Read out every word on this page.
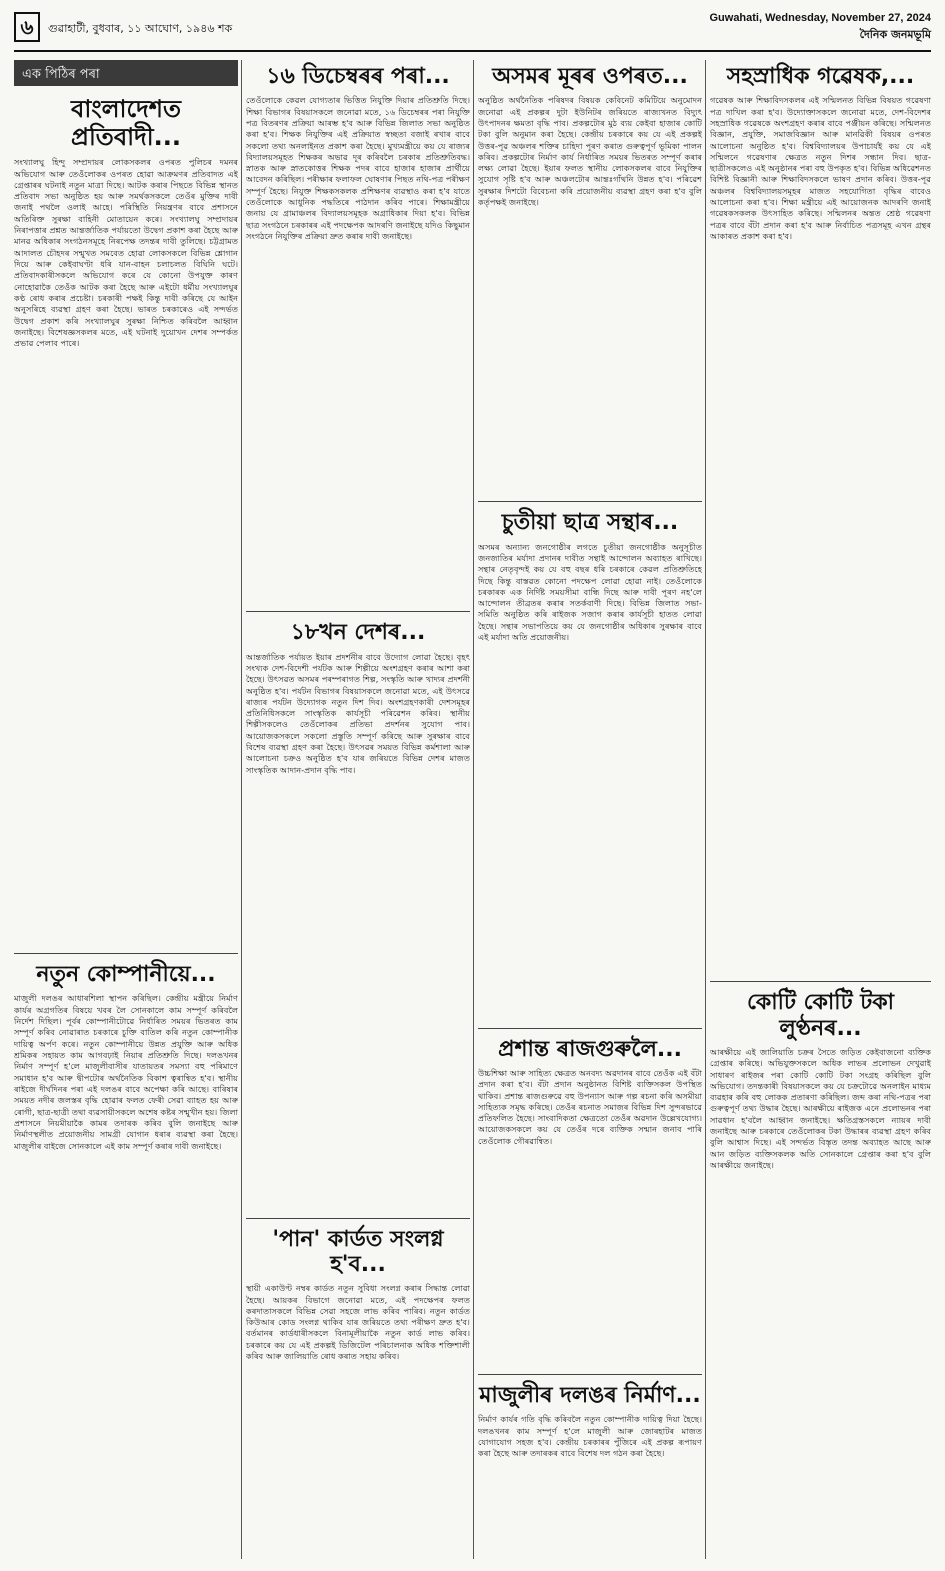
৬	গুৱাহাটী, বুধবাৰ, ১১ আঘোণ, ১৯৪৬ শক
Guwahati, Wednesday, November 27, 2024
দৈনিক জনমভূমি
এক পিঠিৰ পৰা
বাংলাদেশত প্ৰতিবাদী...
সংখ্যালঘু হিন্দু সম্প্ৰদায়ৰ লোকসকলৰ ওপৰত পুলিচৰ দমনৰ অভিযোগ আৰু তেওঁলোকৰ ওপৰত হোৱা আক্ৰমণৰ প্ৰতিবাদত এই গ্ৰেপ্তাৰৰ ঘটনাই নতুন মাত্ৰা দিছে। আটক কৰাৰ পিছতে বিভিন্ন স্থানত প্ৰতিবাদ সভা অনুষ্ঠিত হয় আৰু সমৰ্থকসকলে তেওঁৰ মুক্তিৰ দাবী জনাই পথলৈ ওলাই আহে। পৰিস্থিতি নিয়ন্ত্ৰণৰ বাবে প্ৰশাসনে অতিৰিক্ত সুৰক্ষা বাহিনী মোতায়েন কৰে। সংখ্যালঘু সম্প্ৰদায়ৰ নিৰাপত্তাৰ প্ৰশ্নত আন্তৰ্জাতিক পৰ্যায়তো উদ্বেগ প্ৰকাশ কৰা হৈছে আৰু মানৱ অধিকাৰ সংগঠনসমূহে নিৰপেক্ষ তদন্তৰ দাবী তুলিছে। চট্টগ্ৰামত আদালত চৌহদৰ সন্মুখত সমবেত হোৱা লোকসকলে বিভিন্ন শ্লোগান দিয়ে আৰু কেইবাঘণ্টা ধৰি যান-বাহন চলাচলত বিঘিনি ঘটে। প্ৰতিবাদকাৰীসকলে অভিযোগ কৰে যে কোনো উপযুক্ত কাৰণ নোহোৱাকৈ তেওঁক আটক কৰা হৈছে আৰু এইটো ধৰ্মীয় সংখ্যালঘুৰ কণ্ঠ ৰোধ কৰাৰ প্ৰচেষ্টা। চৰকাৰী পক্ষই কিন্তু দাবী কৰিছে যে আইন অনুসৰিহে ব্যৱস্থা গ্ৰহণ কৰা হৈছে। ভাৰত চৰকাৰেও এই সন্দৰ্ভত উদ্বেগ প্ৰকাশ কৰি সংখ্যালঘুৰ সুৰক্ষা নিশ্চিত কৰিবলৈ আহ্বান জনাইছে। বিশেষজ্ঞসকলৰ মতে, এই ঘটনাই দুয়োখন দেশৰ সম্পৰ্কত প্ৰভাৱ পেলাব পাৰে।
নতুন কোম্পানীয়ে...
মাজুলী দলঙৰ আধাৰশিলা স্থাপন কৰিছিল। কেন্দ্ৰীয় মন্ত্ৰীয়ে নিৰ্মাণ কাৰ্যৰ অগ্ৰগতিৰ বিষয়ে খবৰ লৈ সোনকালে কাম সম্পূৰ্ণ কৰিবলৈ নিৰ্দেশ দিছিল। পূৰ্বৰ কোম্পানীটোৱে নিৰ্ধাৰিত সময়ৰ ভিতৰত কাম সম্পূৰ্ণ কৰিব নোৱাৰাত চৰকাৰে চুক্তি বাতিল কৰি নতুন কোম্পানীক দায়িত্ব অৰ্পণ কৰে। নতুন কোম্পানীয়ে উন্নত প্ৰযুক্তি আৰু অধিক শ্ৰমিকৰ সহায়ত কাম আগবঢ়াই নিয়াৰ প্ৰতিশ্ৰুতি দিছে। দলঙখনৰ নিৰ্মাণ সম্পূৰ্ণ হ'লে মাজুলীবাসীৰ যাতায়তৰ সমস্যা বহু পৰিমাণে সমাধান হ'ব আৰু দ্বীপটোৰ অৰ্থনৈতিক বিকাশ ত্বৰান্বিত হ'ব। স্থানীয় ৰাইজে দীৰ্ঘদিনৰ পৰা এই দলঙৰ বাবে অপেক্ষা কৰি আছে। বাৰিষাৰ সময়ত নদীৰ জলস্তৰ বৃদ্ধি হোৱাৰ ফলত ফেৰী সেৱা ব্যাহত হয় আৰু ৰোগী, ছাত্ৰ-ছাত্ৰী তথা ব্যৱসায়ীসকলে অশেষ কষ্টৰ সন্মুখীন হয়। জিলা প্ৰশাসনে নিয়মীয়াকৈ কামৰ তদাৰক কৰিব বুলি জনাইছে আৰু নিৰ্মাণস্থলীত প্ৰয়োজনীয় সামগ্ৰী যোগান ধৰাৰ ব্যৱস্থা কৰা হৈছে। মাজুলীৰ বাইজে সোনকালে এই কাম সম্পূৰ্ণ কৰাৰ দাবী জনাইছে।
১৬ ডিচেম্বৰৰ পৰা...
তেওঁলোকে কেৱল যোগ্যতাৰ ভিত্তিত নিযুক্তি দিয়াৰ প্ৰতিশ্ৰুতি দিছে। শিক্ষা বিভাগৰ বিষয়াসকলে জনোৱা মতে, ১৬ ডিচেম্বৰৰ পৰা নিযুক্তি পত্ৰ বিতৰণৰ প্ৰক্ৰিয়া আৰম্ভ হ'ব আৰু বিভিন্ন জিলাত সভা অনুষ্ঠিত কৰা হ'ব। শিক্ষক নিযুক্তিৰ এই প্ৰক্ৰিয়াত স্বচ্ছতা বজাই ৰখাৰ বাবে সকলো তথ্য অনলাইনত প্ৰকাশ কৰা হৈছে। মুখ্যমন্ত্ৰীয়ে কয় যে ৰাজ্যৰ বিদ্যালয়সমূহত শিক্ষকৰ অভাৱ দূৰ কৰিবলৈ চৰকাৰ প্ৰতিশ্ৰুতিবদ্ধ। স্নাতক আৰু স্নাতকোত্তৰ শিক্ষক পদৰ বাবে হাজাৰ হাজাৰ প্ৰাৰ্থীয়ে আবেদন কৰিছিল। পৰীক্ষাৰ ফলাফল ঘোষণাৰ পিছত নথি-পত্ৰ পৰীক্ষণ সম্পূৰ্ণ হৈছে। নিযুক্ত শিক্ষকসকলক প্ৰশিক্ষণৰ ব্যৱস্থাও কৰা হ'ব যাতে তেওঁলোকে আধুনিক পদ্ধতিৰে পাঠদান কৰিব পাৰে। শিক্ষামন্ত্ৰীয়ে জনায় যে গ্ৰামাঞ্চলৰ বিদ্যালয়সমূহক অগ্ৰাধিকাৰ দিয়া হ'ব। বিভিন্ন ছাত্ৰ সংগঠনে চৰকাৰৰ এই পদক্ষেপক আদৰণি জনাইছে যদিও কিছুমান সংগঠনে নিযুক্তিৰ প্ৰক্ৰিয়া দ্ৰুত কৰাৰ দাবী জনাইছে।
১৮খন দেশৰ...
আন্তৰ্জাতিক পৰ্যায়ত ইয়াৰ প্ৰদৰ্শনীৰ বাবে উদ্যোগ লোৱা হৈছে। বৃহৎ সংখ্যক দেশ-বিদেশী পৰ্যটক আৰু শিল্পীয়ে অংশগ্ৰহণ কৰাৰ আশা কৰা হৈছে। উৎসৱত অসমৰ পৰম্পৰাগত শিল্প, সংস্কৃতি আৰু খাদ্যৰ প্ৰদৰ্শনী অনুষ্ঠিত হ'ব। পৰ্যটন বিভাগৰ বিষয়াসকলে জনোৱা মতে, এই উৎসৱে ৰাজ্যৰ পৰ্যটন উদ্যোগক নতুন দিশ দিব। অংশগ্ৰহণকাৰী দেশসমূহৰ প্ৰতিনিধিসকলে সাংস্কৃতিক কাৰ্যসূচী পৰিৱেশন কৰিব। স্থানীয় শিল্পীসকলেও তেওঁলোকৰ প্ৰতিভা প্ৰদৰ্শনৰ সুযোগ পাব। আয়োজকসকলে সকলো প্ৰস্তুতি সম্পূৰ্ণ কৰিছে আৰু সুৰক্ষাৰ বাবে বিশেষ ব্যৱস্থা গ্ৰহণ কৰা হৈছে। উৎসৱৰ সময়ত বিভিন্ন কৰ্মশালা আৰু আলোচনা চক্ৰও অনুষ্ঠিত হ'ব যাৰ জৰিয়তে বিভিন্ন দেশৰ মাজত সাংস্কৃতিক আদান-প্ৰদান বৃদ্ধি পাব।
'পান' কাৰ্ডত সংলগ্ন হ'ব...
স্থায়ী একাউণ্ট নম্বৰ কাৰ্ডত নতুন সুবিধা সংলগ্ন কৰাৰ সিদ্ধান্ত লোৱা হৈছে। আয়কৰ বিভাগে জনোৱা মতে, এই পদক্ষেপৰ ফলত কৰদাতাসকলে বিভিন্ন সেৱা সহজে লাভ কৰিব পাৰিব। নতুন কাৰ্ডত কিউআৰ কোড সংলগ্ন থাকিব যাৰ জৰিয়তে তথ্য পৰীক্ষণ দ্ৰুত হ'ব। বৰ্তমানৰ কাৰ্ডধাৰীসকলে বিনামূলীয়াকৈ নতুন কাৰ্ড লাভ কৰিব। চৰকাৰে কয় যে এই প্ৰকল্পই ডিজিটেল পৰিচালনাক অধিক শক্তিশালী কৰিব আৰু জালিয়াতি ৰোধ কৰাত সহায় কৰিব।
অসমৰ মূৰৰ ওপৰত...
অনুষ্ঠিত অৰ্থনৈতিক পৰিষদৰ বিষয়ক কেবিনেট কমিটিয়ে অনুমোদন জনোৱা এই প্ৰকল্পৰ দুটা ইউনিটৰ জৰিয়তে ৰাজ্যখনত বিদ্যুৎ উৎপাদনৰ ক্ষমতা বৃদ্ধি পাব। প্ৰকল্পটোৰ মুঠ ব্যয় কেইবা হাজাৰ কোটি টকা বুলি অনুমান কৰা হৈছে। কেন্দ্ৰীয় চৰকাৰে কয় যে এই প্ৰকল্পই উত্তৰ-পূৱ অঞ্চলৰ শক্তিৰ চাহিদা পূৰণ কৰাত গুৰুত্বপূৰ্ণ ভূমিকা পালন কৰিব। প্ৰকল্পটোৰ নিৰ্মাণ কাৰ্য নিৰ্ধাৰিত সময়ৰ ভিতৰত সম্পূৰ্ণ কৰাৰ লক্ষ্য লোৱা হৈছে। ইয়াৰ ফলত স্থানীয় লোকসকলৰ বাবে নিযুক্তিৰ সুযোগ সৃষ্টি হ'ব আৰু অঞ্চলটোৰ আন্তঃগাঁথনি উন্নত হ'ব। পৰিৱেশ সুৰক্ষাৰ দিশটো বিবেচনা কৰি প্ৰয়োজনীয় ব্যৱস্থা গ্ৰহণ কৰা হ'ব বুলি কৰ্তৃপক্ষই জনাইছে।
চুতীয়া ছাত্ৰ সন্থাৰ...
অসমৰ অন্যান্য জনগোষ্ঠীৰ লগতে চুতীয়া জনগোষ্ঠীক অনুসূচীত জনজাতিৰ মৰ্যাদা প্ৰদানৰ দাবীত সন্থাই আন্দোলন অব্যাহত ৰাখিছে। সন্থাৰ নেতৃবৃন্দই কয় যে বহু বছৰ ধৰি চৰকাৰে কেৱল প্ৰতিশ্ৰুতিহে দিছে কিন্তু বাস্তৱত কোনো পদক্ষেপ লোৱা হোৱা নাই। তেওঁলোকে চৰকাৰক এক নিৰ্দিষ্ট সময়সীমা বান্ধি দিছে আৰু দাবী পূৰণ নহ'লে আন্দোলন তীব্ৰতৰ কৰাৰ সতৰ্কবাণী দিছে। বিভিন্ন জিলাত সভা-সমিতি অনুষ্ঠিত কৰি ৰাইজক সজাগ কৰাৰ কাৰ্যসূচী হাতত লোৱা হৈছে। সন্থাৰ সভাপতিয়ে কয় যে জনগোষ্ঠীৰ অধিকাৰ সুৰক্ষাৰ বাবে এই মৰ্যাদা অতি প্ৰয়োজনীয়।
প্ৰশান্ত ৰাজগুৰুলৈ...
উচ্চশিক্ষা আৰু সাহিত্য ক্ষেত্ৰত অনবদ্য অৱদানৰ বাবে তেওঁক এই বঁটা প্ৰদান কৰা হ'ব। বঁটা প্ৰদান অনুষ্ঠানত বিশিষ্ট ব্যক্তিসকল উপস্থিত থাকিব। প্ৰশান্ত ৰাজগুৰুৱে বহু উপন্যাস আৰু গল্প ৰচনা কৰি অসমীয়া সাহিত্যক সমৃদ্ধ কৰিছে। তেওঁৰ ৰচনাত সমাজৰ বিভিন্ন দিশ সুন্দৰভাৱে প্ৰতিফলিত হৈছে। সাংবাদিকতা ক্ষেত্ৰতো তেওঁৰ অৱদান উল্লেখযোগ্য। আয়োজকসকলে কয় যে তেওঁৰ দৰে ব্যক্তিক সন্মান জনাব পাৰি তেওঁলোক গৌৰৱান্বিত।
মাজুলীৰ দলঙৰ নিৰ্মাণ...
নিৰ্মাণ কাৰ্যৰ গতি বৃদ্ধি কৰিবলৈ নতুন কোম্পানীক দায়িত্ব দিয়া হৈছে। দলঙখনৰ কাম সম্পূৰ্ণ হ'লে মাজুলী আৰু জোৰহাটৰ মাজত যোগাযোগ সহজ হ'ব। কেন্দ্ৰীয় চৰকাৰৰ পুঁজিৰে এই প্ৰকল্প ৰূপায়ণ কৰা হৈছে আৰু তদাৰকৰ বাবে বিশেষ দল গঠন কৰা হৈছে।
সহস্ৰাধিক গৱেষক,...
গৱেষক আৰু শিক্ষাবিদসকলৰ এই সন্মিলনত বিভিন্ন বিষয়ত গৱেষণা পত্ৰ দাখিল কৰা হ'ব। উদ্যোক্তাসকলে জনোৱা মতে, দেশ-বিদেশৰ সহস্ৰাধিক গৱেষকে অংশগ্ৰহণ কৰাৰ বাবে পঞ্জীয়ন কৰিছে। সন্মিলনত বিজ্ঞান, প্ৰযুক্তি, সমাজবিজ্ঞান আৰু মানৱিকী বিষয়ৰ ওপৰত আলোচনা অনুষ্ঠিত হ'ব। বিশ্ববিদ্যালয়ৰ উপাচাৰ্যই কয় যে এই সন্মিলনে গৱেষণাৰ ক্ষেত্ৰত নতুন দিশৰ সন্ধান দিব। ছাত্ৰ-ছাত্ৰীসকলেও এই অনুষ্ঠানৰ পৰা বহু উপকৃত হ'ব। বিভিন্ন অধিৱেশনত বিশিষ্ট বিজ্ঞানী আৰু শিক্ষাবিদসকলে ভাষণ প্ৰদান কৰিব। উত্তৰ-পূৱ অঞ্চলৰ বিশ্ববিদ্যালয়সমূহৰ মাজত সহযোগিতা বৃদ্ধিৰ বাবেও আলোচনা কৰা হ'ব। শিক্ষা মন্ত্ৰীয়ে এই আয়োজনক আদৰণি জনাই গৱেষকসকলক উৎসাহিত কৰিছে। সন্মিলনৰ অন্তত শ্ৰেষ্ঠ গৱেষণা পত্ৰৰ বাবে বঁটা প্ৰদান কৰা হ'ব আৰু নিৰ্বাচিত পত্ৰসমূহ এখন গ্ৰন্থৰ আকাৰত প্ৰকাশ কৰা হ'ব।
কোটি কোটি টকা লুণ্ঠনৰ...
আৰক্ষীয়ে এই জালিয়াতি চক্ৰৰ সৈতে জড়িত কেইবাজনো ব্যক্তিক গ্ৰেপ্তাৰ কৰিছে। অভিযুক্তসকলে অধিক লাভৰ প্ৰলোভন দেখুৱাই সাধাৰণ ৰাইজৰ পৰা কোটি কোটি টকা সংগ্ৰহ কৰিছিল বুলি অভিযোগ। তদন্তকাৰী বিষয়াসকলে কয় যে চক্ৰটোৱে অনলাইন মাধ্যম ব্যৱহাৰ কৰি বহু লোকক প্ৰতাৰণা কৰিছিল। জব্দ কৰা নথি-পত্ৰৰ পৰা গুৰুত্বপূৰ্ণ তথ্য উদ্ধাৰ হৈছে। আৰক্ষীয়ে ৰাইজক এনে প্ৰলোভনৰ পৰা সাৱধান হ'বলৈ আহ্বান জনাইছে। ক্ষতিগ্ৰস্তসকলে ন্যায়ৰ দাবী জনাইছে আৰু চৰকাৰে তেওঁলোকৰ টকা উদ্ধাৰৰ ব্যৱস্থা গ্ৰহণ কৰিব বুলি আশ্বাস দিছে। এই সন্দৰ্ভত বিস্তৃত তদন্ত অব্যাহত আছে আৰু আন জড়িত ব্যক্তিসকলক অতি সোনকালে গ্ৰেপ্তাৰ কৰা হ'ব বুলি আৰক্ষীয়ে জনাইছে।
